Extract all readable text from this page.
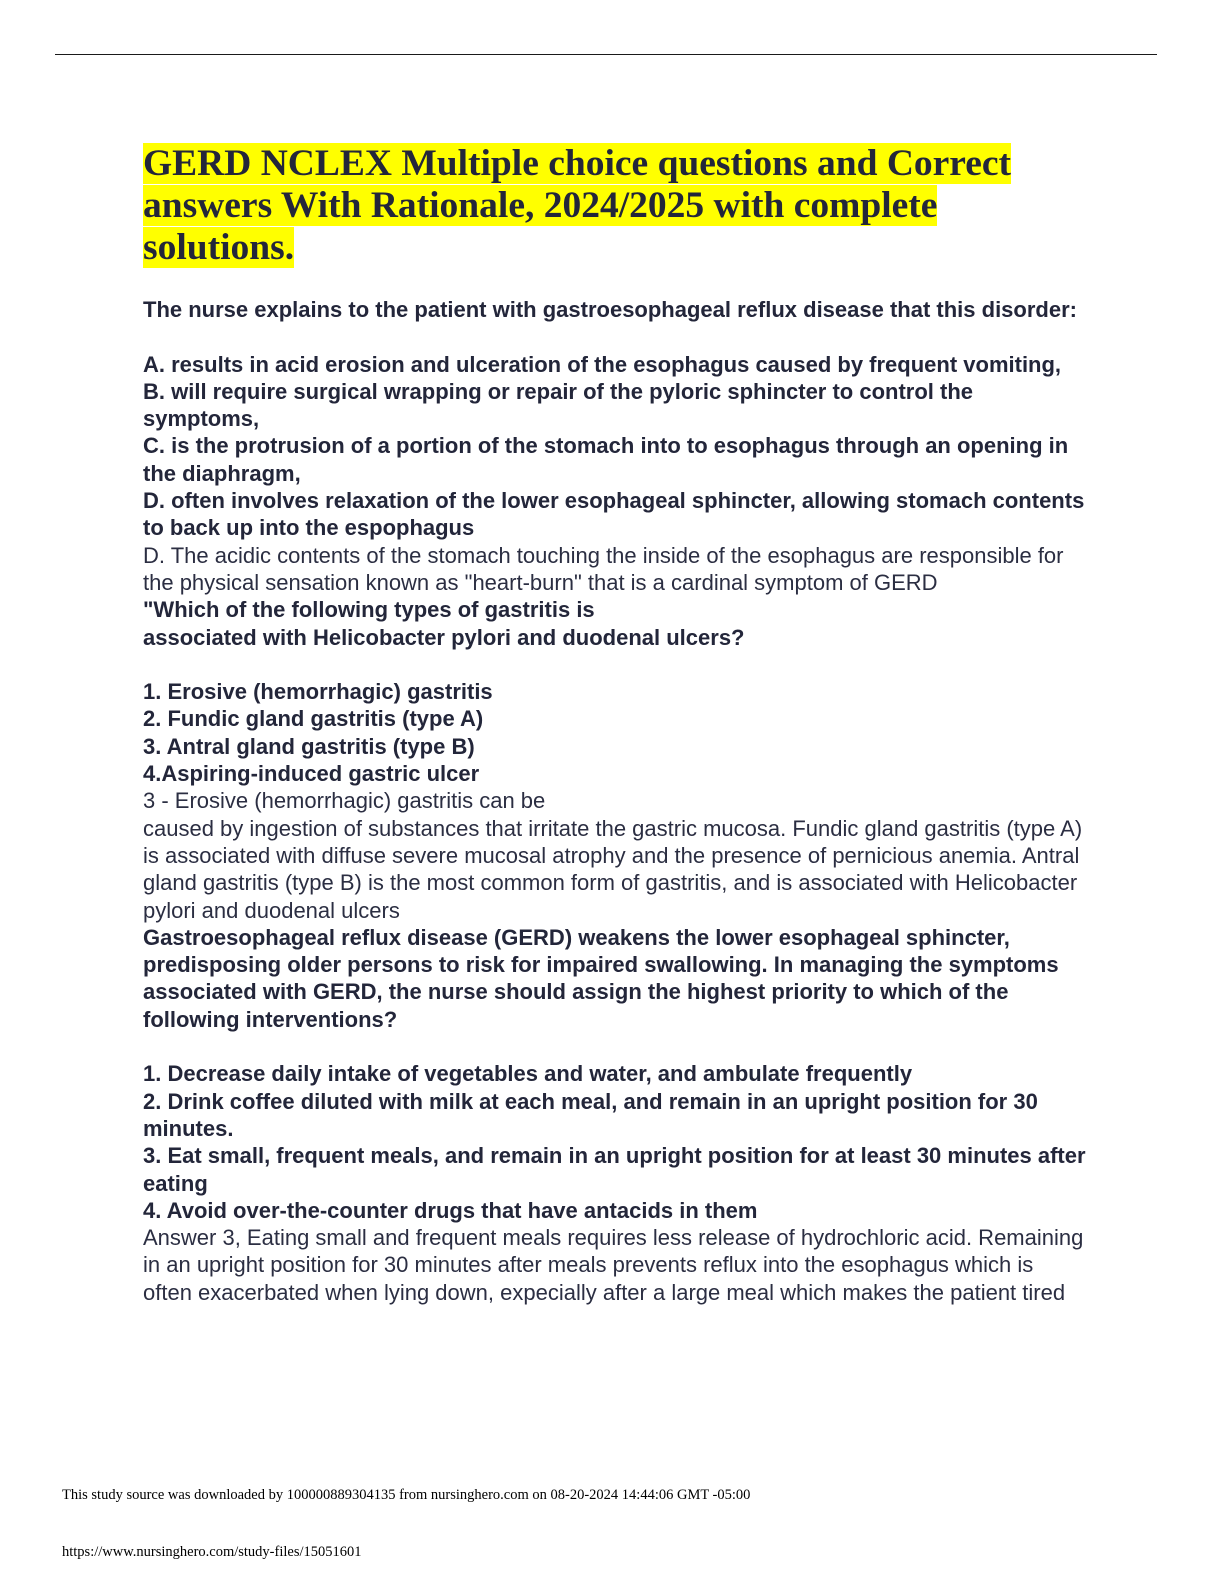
GERD NCLEX Multiple choice questions and Correct answers With Rationale, 2024/2025 with complete solutions.

The nurse explains to the patient with gastroesophageal reflux disease that this disorder:

A. results in acid erosion and ulceration of the esophagus caused by frequent vomiting,

B. will require surgical wrapping or repair of the pyloric sphincter to control the symptoms,

C. is the protrusion of a portion of the stomach into to esophagus through an opening in the diaphragm,

D. often involves relaxation of the lower esophageal sphincter, allowing stomach contents to back up into the espophagus

D. The acidic contents of the stomach touching the inside of the esophagus are responsible for the physical sensation known as "heart-burn" that is a cardinal symptom of GERD

"Which of the following types of gastritis is

associated with Helicobacter pylori and duodenal ulcers?

1. Erosive (hemorrhagic) gastritis

2. Fundic gland gastritis (type A)

3. Antral gland gastritis (type B)

4.Aspiring-induced gastric ulcer

3 - Erosive (hemorrhagic) gastritis can be

caused by ingestion of substances that irritate the gastric mucosa. Fundic gland gastritis (type A) is associated with diffuse severe mucosal atrophy and the presence of pernicious anemia. Antral gland gastritis (type B) is the most common form of gastritis, and is associated with Helicobacter pylori and duodenal ulcers

Gastroesophageal reflux disease (GERD) weakens the lower esophageal sphincter, predisposing older persons to risk for impaired swallowing. In managing the symptoms associated with GERD, the nurse should assign the highest priority to which of the following interventions?

1. Decrease daily intake of vegetables and water, and ambulate frequently

2. Drink coffee diluted with milk at each meal, and remain in an upright position for 30 minutes.

3. Eat small, frequent meals, and remain in an upright position for at least 30 minutes after eating

4. Avoid over-the-counter drugs that have antacids in them

Answer 3, Eating small and frequent meals requires less release of hydrochloric acid. Remaining in an upright position for 30 minutes after meals prevents reflux into the esophagus which is often exacerbated when lying down, expecially after a large meal which makes the patient tired

This study source was downloaded by 100000889304135 from nursinghero.com on 08-20-2024 14:44:06 GMT -05:00
https://www.nursinghero.com/study-files/15051601
